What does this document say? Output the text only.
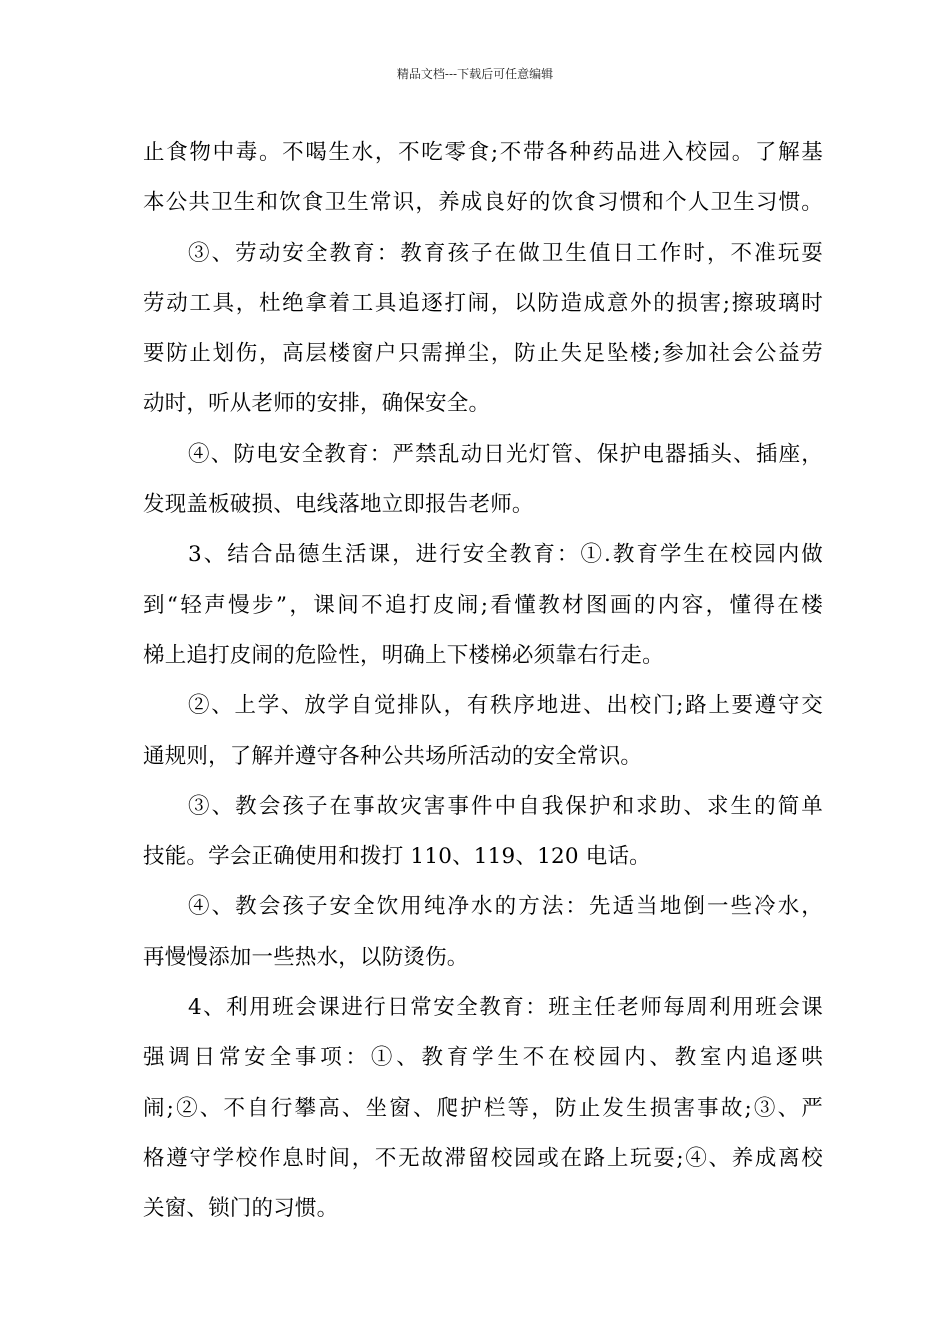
精品文档---下载后可任意编辑
止食物中毒。不喝生水，不吃零食;不带各种药品进入校园。了解基
本公共卫生和饮食卫生常识，养成良好的饮食习惯和个人卫生习惯。
③、劳动安全教育：教育孩子在做卫生值日工作时，不准玩耍
劳动工具，杜绝拿着工具追逐打闹，以防造成意外的损害;擦玻璃时
要防止划伤，高层楼窗户只需掸尘，防止失足坠楼;参加社会公益劳
动时，听从老师的安排，确保安全。
④、防电安全教育：严禁乱动日光灯管、保护电器插头、插座，
发现盖板破损、电线落地立即报告老师。
3、结合品德生活课，进行安全教育：①.教育学生在校园内做
到“轻声慢步”，课间不追打皮闹;看懂教材图画的内容，懂得在楼
梯上追打皮闹的危险性，明确上下楼梯必须靠右行走。
②、上学、放学自觉排队，有秩序地进、出校门;路上要遵守交
通规则，了解并遵守各种公共场所活动的安全常识。
③、教会孩子在事故灾害事件中自我保护和求助、求生的简单
技能。学会正确使用和拨打 110、119、120 电话。
④、教会孩子安全饮用纯净水的方法：先适当地倒一些冷水，
再慢慢添加一些热水，以防烫伤。
4、利用班会课进行日常安全教育：班主任老师每周利用班会课
强调日常安全事项：①、教育学生不在校园内、教室内追逐哄
闹;②、不自行攀高、坐窗、爬护栏等，防止发生损害事故;③、严
格遵守学校作息时间，不无故滞留校园或在路上玩耍;④、养成离校
关窗、锁门的习惯。
